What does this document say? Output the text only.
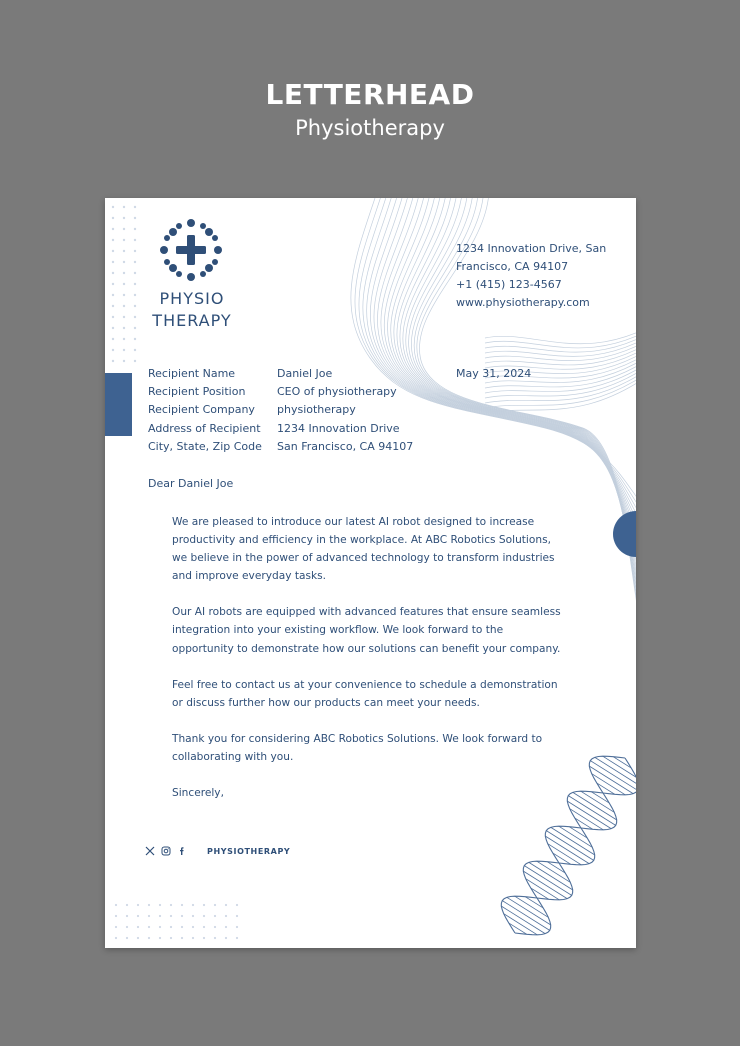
LETTERHEAD
Physiotherapy
PHYSIO
THERAPY
1234 Innovation Drive, San
Francisco, CA 94107
+1 (415) 123-4567
www.physiotherapy.com
Recipient Name
Recipient Position
Recipient Company
Address of Recipient
City, State, Zip Code
Daniel Joe
CEO of physiotherapy
physiotherapy
1234 Innovation Drive
San Francisco, CA 94107
May 31, 2024
Dear Daniel Joe

We are pleased to introduce our latest AI robot designed to increase
productivity and efficiency in the workplace. At ABC Robotics Solutions,
we believe in the power of advanced technology to transform industries
and improve everyday tasks.

Our AI robots are equipped with advanced features that ensure seamless
integration into your existing workflow. We look forward to the
opportunity to demonstrate how our solutions can benefit your company.

Feel free to contact us at your convenience to schedule a demonstration
or discuss further how our products can meet your needs.

Thank you for considering ABC Robotics Solutions. We look forward to
collaborating with you.

Sincerely,
PHYSIOTHERAPY
